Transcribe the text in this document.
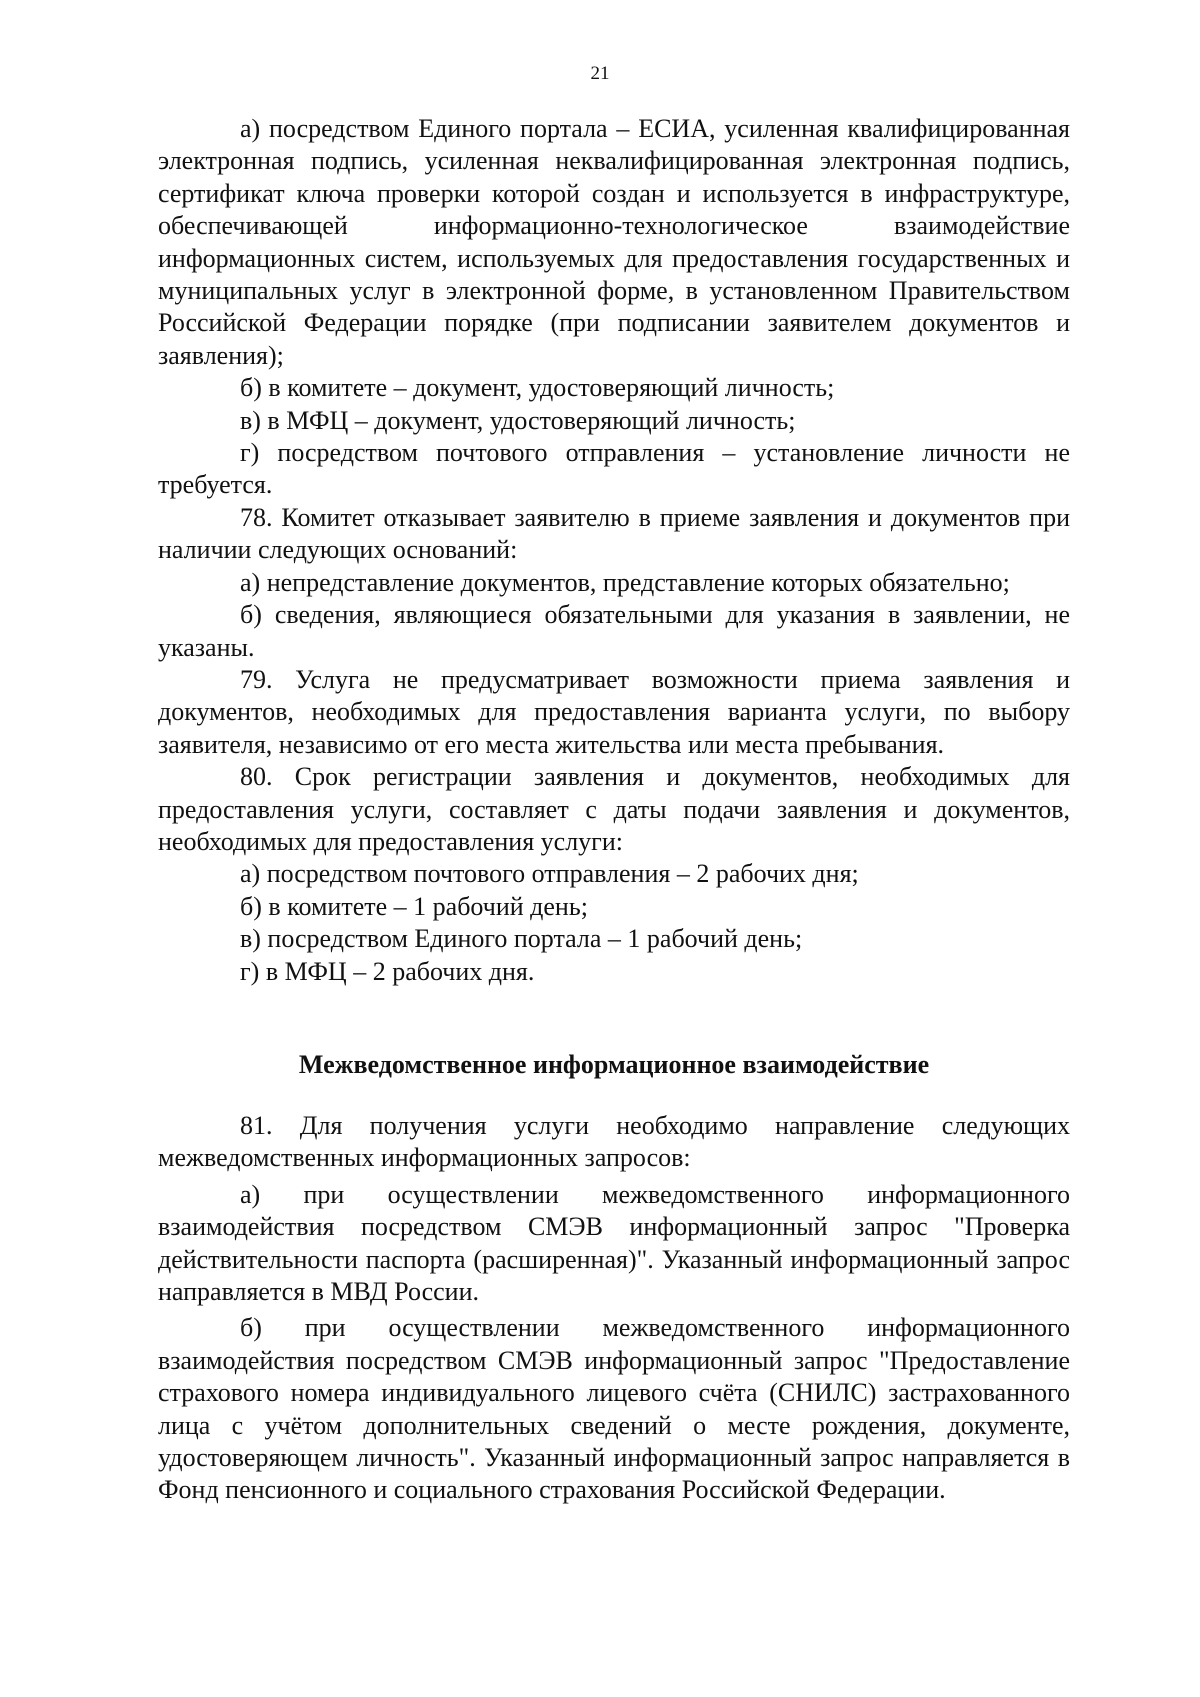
21

а) посредством Единого портала – ЕСИА, усиленная квалифицированная электронная подпись, усиленная неквалифицированная электронная подпись, сертификат ключа проверки которой создан и используется в инфраструктуре, обеспечивающей информационно-технологическое взаимодействие информационных систем, используемых для предоставления государственных и муниципальных услуг в электронной форме, в установленном Правительством Российской Федерации порядке (при подписании заявителем документов и заявления);

б) в комитете – документ, удостоверяющий личность;

в) в МФЦ – документ, удостоверяющий личность;

г) посредством почтового отправления – установление личности не требуется.

78. Комитет отказывает заявителю в приеме заявления и документов при наличии следующих оснований:

а) непредставление документов, представление которых обязательно;

б) сведения, являющиеся обязательными для указания в заявлении, не указаны.

79. Услуга не предусматривает возможности приема заявления и документов, необходимых для предоставления варианта услуги, по выбору заявителя, независимо от его места жительства или места пребывания.

80. Срок регистрации заявления и документов, необходимых для предоставления услуги, составляет с даты подачи заявления и документов, необходимых для предоставления услуги:

а) посредством почтового отправления – 2 рабочих дня;

б) в комитете – 1 рабочий день;

в) посредством Единого портала – 1 рабочий день;

г) в МФЦ – 2 рабочих дня.

Межведомственное информационное взаимодействие

81. Для получения услуги необходимо направление следующих межведомственных информационных запросов:

а) при осуществлении межведомственного информационного взаимодействия посредством СМЭВ информационный запрос "Проверка действительности паспорта (расширенная)". Указанный информационный запрос направляется в МВД России.

б) при осуществлении межведомственного информационного взаимодействия посредством СМЭВ информационный запрос "Предоставление страхового номера индивидуального лицевого счёта (СНИЛС) застрахованного лица с учётом дополнительных сведений о месте рождения, документе, удостоверяющем личность". Указанный информационный запрос направляется в Фонд пенсионного и социального страхования Российской Федерации.
